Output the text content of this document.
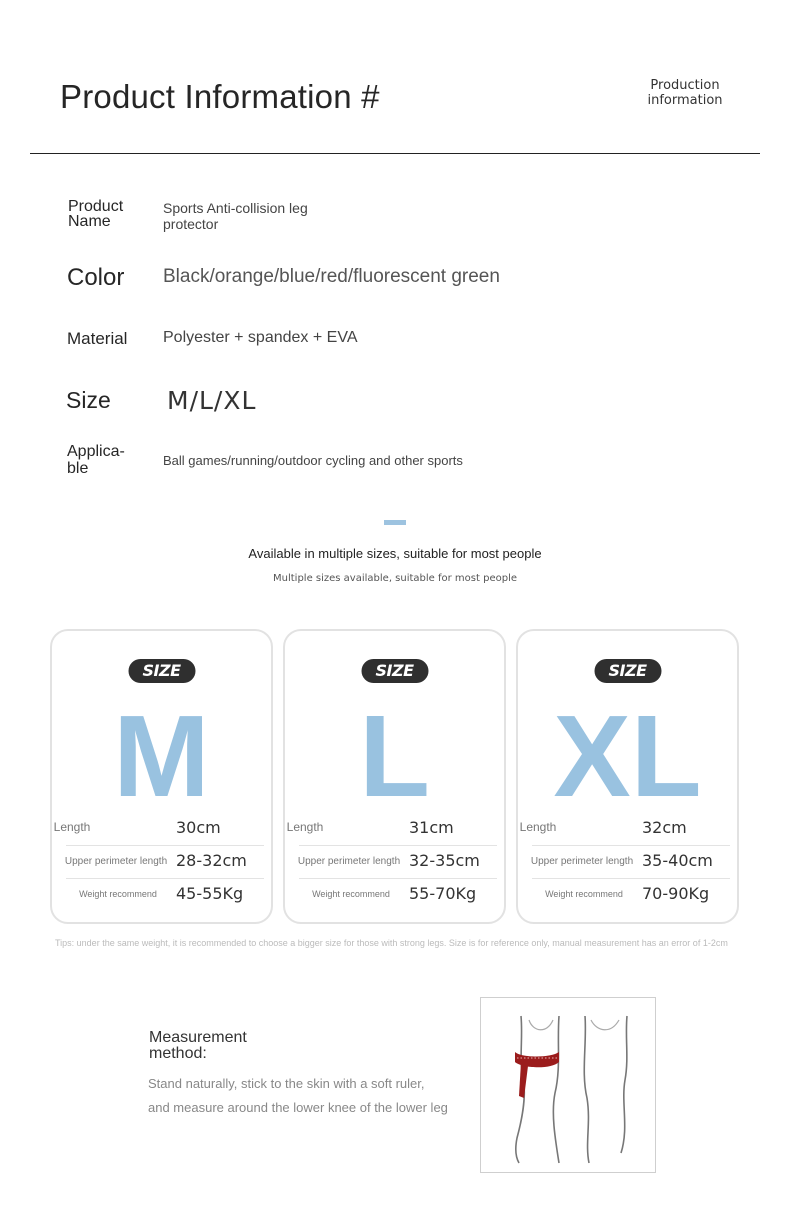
Product Information #	Production
information
Product Name
Sports Anti-collision leg protector
Color Black/orange/blue/red/fluorescent green
Material Polyester + spandex + EVA
Size M/L/XL
Applica-ble	Ball games/running/outdoor cycling and other sports
Available in multiple sizes, suitable for most people
Multiple sizes available, suitable for most people
SIZE
M
Length	30cm
Upper perimeter length 28-32cm
Weight recommend	45-55Kg
SIZE
L
Length	31cm
Upper perimeter length 32-35cm
Weight recommend	55-70Kg
SIZE
XL
Length	32cm
Upper perimeter length 35-40cm
Weight recommend	70-90Kg
Tips: under the same weight, it is recommended to choose a bigger size for those with strong legs. Size is for reference only, manual measurement has an error of 1-2cm
Measurement method:
Stand naturally, stick to the skin with a soft ruler,
and measure around the lower knee of the lower leg
